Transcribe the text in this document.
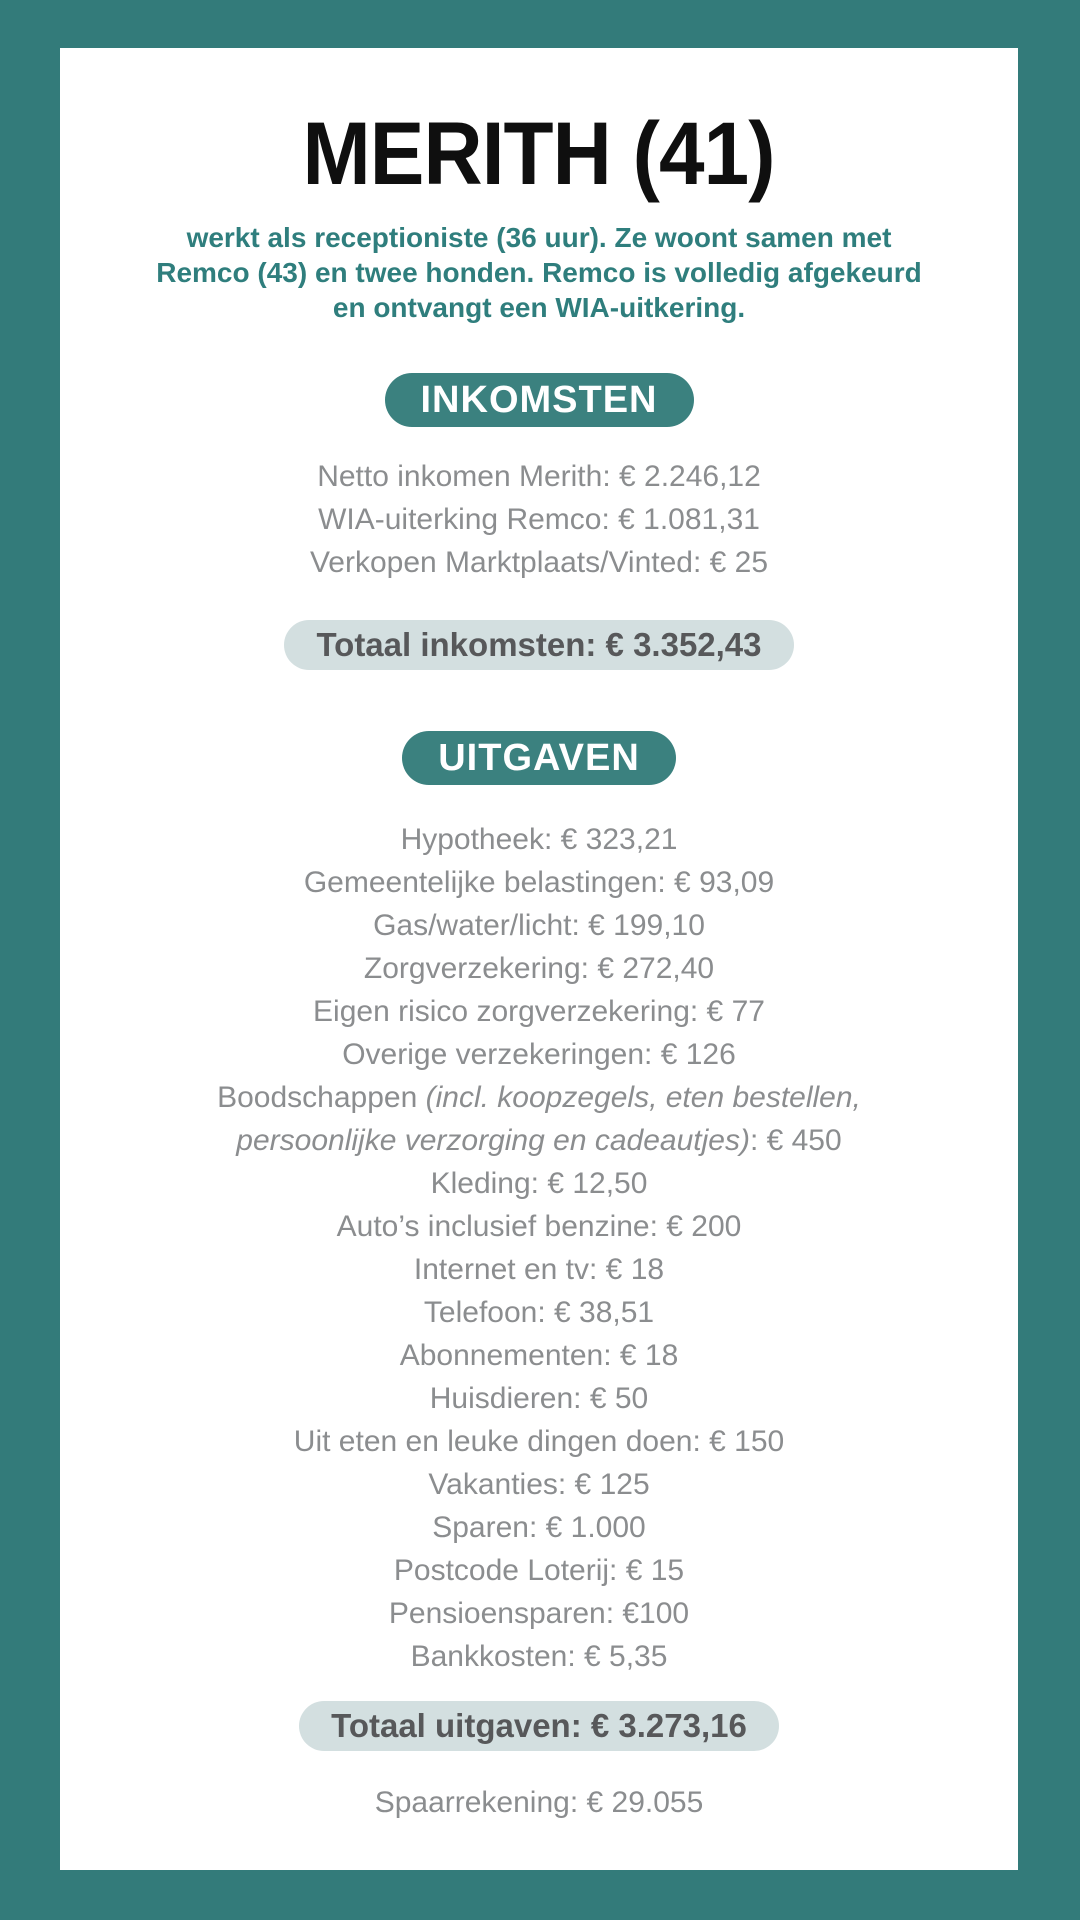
MERITH (41)

werkt als receptioniste (36 uur). Ze woont samen met Remco (43) en twee honden. Remco is volledig afgekeurd en ontvangt een WIA-uitkering.

INKOMSTEN
Netto inkomen Merith: € 2.246,12
WIA-uiterking Remco: € 1.081,31
Verkopen Marktplaats/Vinted: € 25
Totaal inkomsten: € 3.352,43
UITGAVEN
Hypotheek: € 323,21
Gemeentelijke belastingen: € 93,09
Gas/water/licht: € 199,10
Zorgverzekering: € 272,40
Eigen risico zorgverzekering: € 77
Overige verzekeringen: € 126
Boodschappen (incl. koopzegels, eten bestellen, persoonlijke verzorging en cadeautjes): € 450
Kleding: € 12,50
Auto’s inclusief benzine: € 200
Internet en tv: € 18
Telefoon: € 38,51
Abonnementen: € 18
Huisdieren: € 50
Uit eten en leuke dingen doen: € 150
Vakanties: € 125
Sparen: € 1.000
Postcode Loterij: € 15
Pensioensparen: €100
Bankkosten: € 5,35
Totaal uitgaven: € 3.273,16
Spaarrekening: € 29.055
